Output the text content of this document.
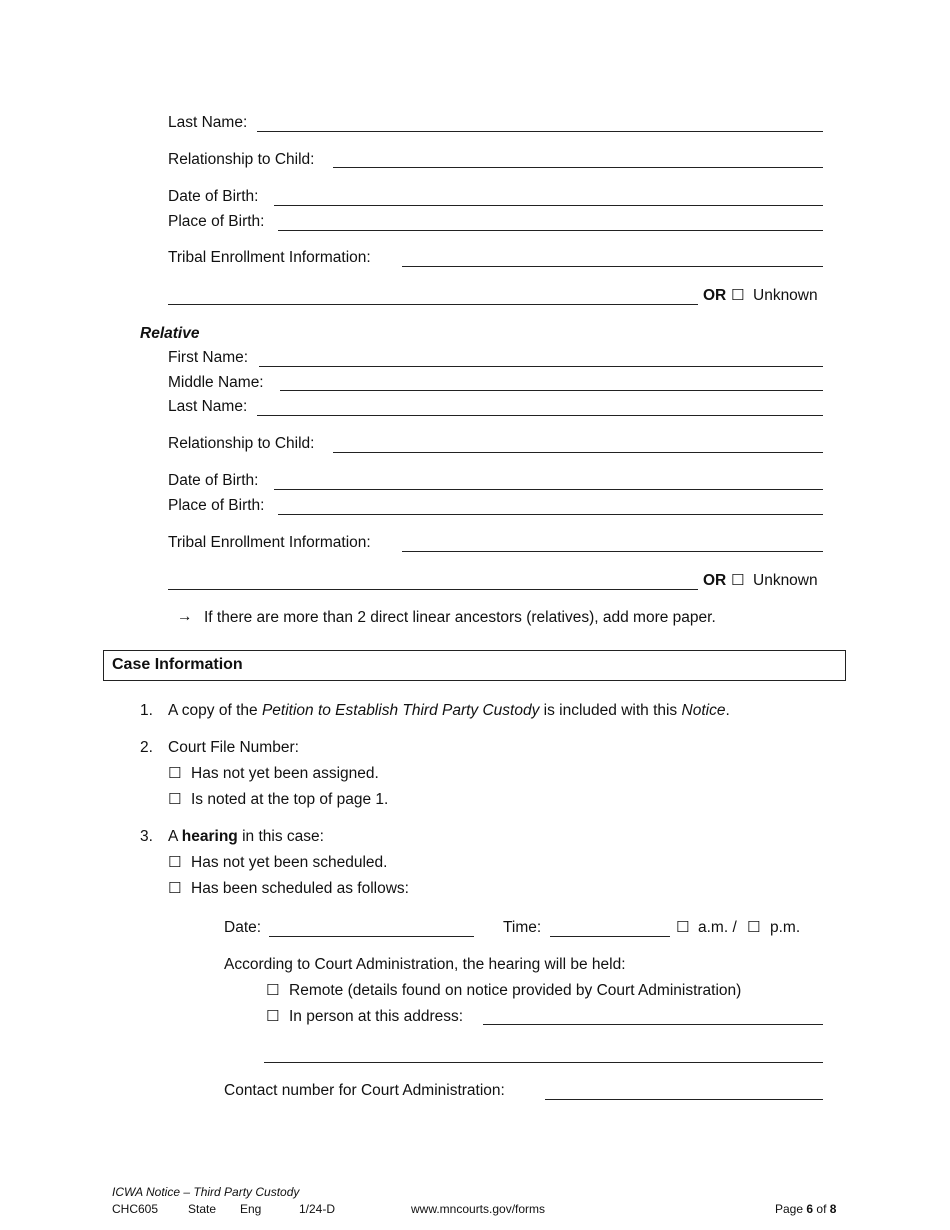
Last Name:
Relationship to Child:
Date of Birth:
Place of Birth:
Tribal Enrollment Information:
OR ☐ Unknown
Relative
First Name:
Middle Name:
Last Name:
Relationship to Child:
Date of Birth:
Place of Birth:
Tribal Enrollment Information:
OR ☐ Unknown
→ If there are more than 2 direct linear ancestors (relatives), add more paper.
Case Information
1. A copy of the Petition to Establish Third Party Custody is included with this Notice.
2. Court File Number:
☐ Has not yet been assigned.
☐ Is noted at the top of page 1.
3. A hearing in this case:
☐ Has not yet been scheduled.
☐ Has been scheduled as follows:
Date:	Time:	☐ a.m. / ☐ p.m.
According to Court Administration, the hearing will be held:
☐ Remote (details found on notice provided by Court Administration)
☐ In person at this address:
Contact number for Court Administration:
ICWA Notice – Third Party Custody
CHC605 State Eng	1/24-D	www.mncourts.gov/forms	Page 6 of 8
